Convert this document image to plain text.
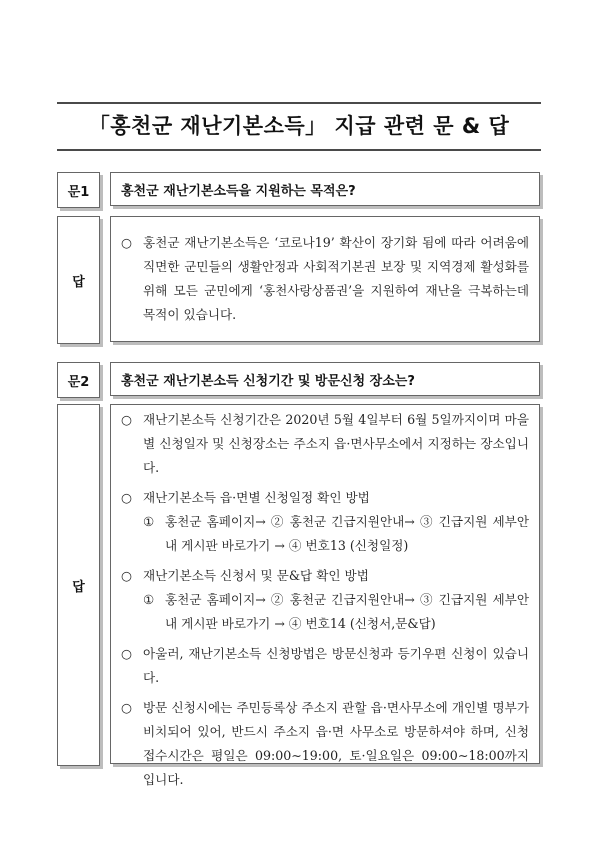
「홍천군 재난기본소득」 지급 관련 문 & 답
문1	홍천군 재난기본소득을 지원하는 목적은?
답
○ 홍천군 재난기본소득은 ‘코로나19’ 확산이 장기화 됨에 따라 어려움에 직면한 군민들의 생활안정과 사회적기본권 보장 및 지역경제 활성화를 위해 모든 군민에게 ‘홍천사랑상품권’을 지원하여 재난을 극복하는데 목적이 있습니다.
문2	홍천군 재난기본소득 신청기간 및 방문신청 장소는?
답
○ 재난기본소득 신청기간은 2020년 5월 4일부터 6월 5일까지이며 마을별 신청일자 및 신청장소는 주소지 읍·면사무소에서 지정하는 장소입니다.
○ 재난기본소득 읍·면별 신청일정 확인 방법
① 홍천군 홈페이지→ ② 홍천군 긴급지원안내→ ③ 긴급지원 세부안내 게시판 바로가기 → ④ 번호13 (신청일정)
○ 재난기본소득 신청서 및 문&답 확인 방법
① 홍천군 홈페이지→ ② 홍천군 긴급지원안내→ ③ 긴급지원 세부안내 게시판 바로가기 → ④ 번호14 (신청서,문&답)
○ 아울러, 재난기본소득 신청방법은 방문신청과 등기우편 신청이 있습니다.
○ 방문 신청시에는 주민등록상 주소지 관할 읍·면사무소에 개인별 명부가 비치되어 있어, 반드시 주소지 읍·면 사무소로 방문하셔야 하며, 신청 접수시간은 평일은 09:00∼19:00, 토·일요일은 09:00∼18:00까지 입니다.
